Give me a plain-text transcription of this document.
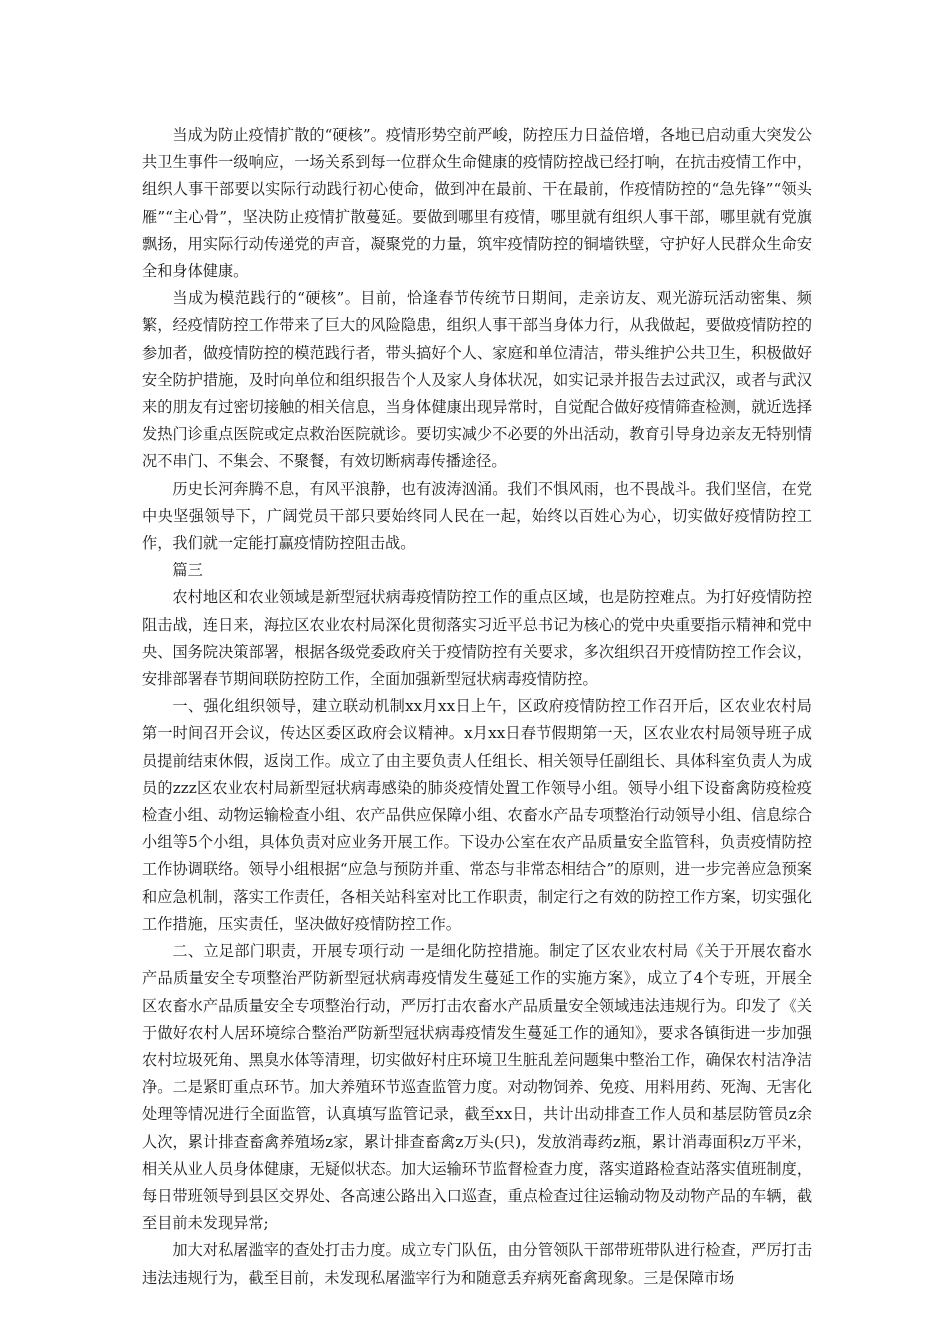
当成为防止疫情扩散的“硬核”。疫情形势空前严峻，防控压力日益倍增，各地已启动重大突发公共卫生事件一级响应，一场关系到每一位群众生命健康的疫情防控战已经打响，在抗击疫情工作中，组织人事干部要以实际行动践行初心使命，做到冲在最前、干在最前，作疫情防控的“急先锋”“领头雁”“主心骨”，坚决防止疫情扩散蔓延。要做到哪里有疫情，哪里就有组织人事干部，哪里就有党旗飘扬，用实际行动传递党的声音，凝聚党的力量，筑牢疫情防控的铜墙铁壁，守护好人民群众生命安全和身体健康。

当成为模范践行的“硬核”。目前，恰逢春节传统节日期间，走亲访友、观光游玩活动密集、频繁，经疫情防控工作带来了巨大的风险隐患，组织人事干部当身体力行，从我做起，要做疫情防控的参加者，做疫情防控的模范践行者，带头搞好个人、家庭和单位清洁，带头维护公共卫生，积极做好安全防护措施，及时向单位和组织报告个人及家人身体状况，如实记录并报告去过武汉，或者与武汉来的朋友有过密切接触的相关信息，当身体健康出现异常时，自觉配合做好疫情筛查检测，就近选择发热门诊重点医院或定点救治医院就诊。要切实减少不必要的外出活动，教育引导身边亲友无特别情况不串门、不集会、不聚餐，有效切断病毒传播途径。

历史长河奔腾不息，有风平浪静，也有波涛汹涌。我们不惧风雨，也不畏战斗。我们坚信，在党中央坚强领导下，广阔党员干部只要始终同人民在一起，始终以百姓心为心，切实做好疫情防控工作，我们就一定能打赢疫情防控阻击战。

篇三

农村地区和农业领域是新型冠状病毒疫情防控工作的重点区域，也是防控难点。为打好疫情防控阻击战，连日来，海拉区农业农村局深化贯彻落实习近平总书记为核心的党中央重要指示精神和党中央、国务院决策部署，根据各级党委政府关于疫情防控有关要求，多次组织召开疫情防控工作会议，安排部署春节期间联防控防工作，全面加强新型冠状病毒疫情防控。

一、强化组织领导，建立联动机制xx月xx日上午，区政府疫情防控工作召开后，区农业农村局第一时间召开会议，传达区委区政府会议精神。x月xx日春节假期第一天，区农业农村局领导班子成员提前结束休假，返岗工作。成立了由主要负责人任组长、相关领导任副组长、具体科室负责人为成员的zzz区农业农村局新型冠状病毒感染的肺炎疫情处置工作领导小组。领导小组下设畜禽防疫检疫检查小组、动物运输检查小组、农产品供应保障小组、农畜水产品专项整治行动领导小组、信息综合小组等5个小组，具体负责对应业务开展工作。下设办公室在农产品质量安全监管科，负责疫情防控工作协调联络。领导小组根据“应急与预防并重、常态与非常态相结合”的原则，进一步完善应急预案和应急机制，落实工作责任，各相关站科室对比工作职责，制定行之有效的防控工作方案，切实强化工作措施，压实责任，坚决做好疫情防控工作。

二、立足部门职责，开展专项行动 一是细化防控措施。制定了区农业农村局《关于开展农畜水产品质量安全专项整治严防新型冠状病毒疫情发生蔓延工作的实施方案》，成立了4个专班，开展全区农畜水产品质量安全专项整治行动，严厉打击农畜水产品质量安全领域违法违规行为。印发了《关于做好农村人居环境综合整治严防新型冠状病毒疫情发生蔓延工作的通知》，要求各镇街进一步加强农村垃圾死角、黑臭水体等清理，切实做好村庄环境卫生脏乱差问题集中整治工作，确保农村洁净洁净。二是紧盯重点环节。加大养殖环节巡查监管力度。对动物饲养、免疫、用料用药、死淘、无害化处理等情况进行全面监管，认真填写监管记录，截至xx日，共计出动排查工作人员和基层防管员z余人次，累计排查畜禽养殖场z家，累计排查畜禽z万头(只)，发放消毒药z瓶，累计消毒面积z万平米，相关从业人员身体健康，无疑似状态。加大运输环节监督检查力度，落实道路检查站落实值班制度，每日带班领导到县区交界处、各高速公路出入口巡查，重点检查过往运输动物及动物产品的车辆，截至目前未发现异常;

加大对私屠滥宰的查处打击力度。成立专门队伍，由分管领队干部带班带队进行检查，严厉打击违法违规行为，截至目前，未发现私屠滥宰行为和随意丢弃病死畜禽现象。三是保障市场
